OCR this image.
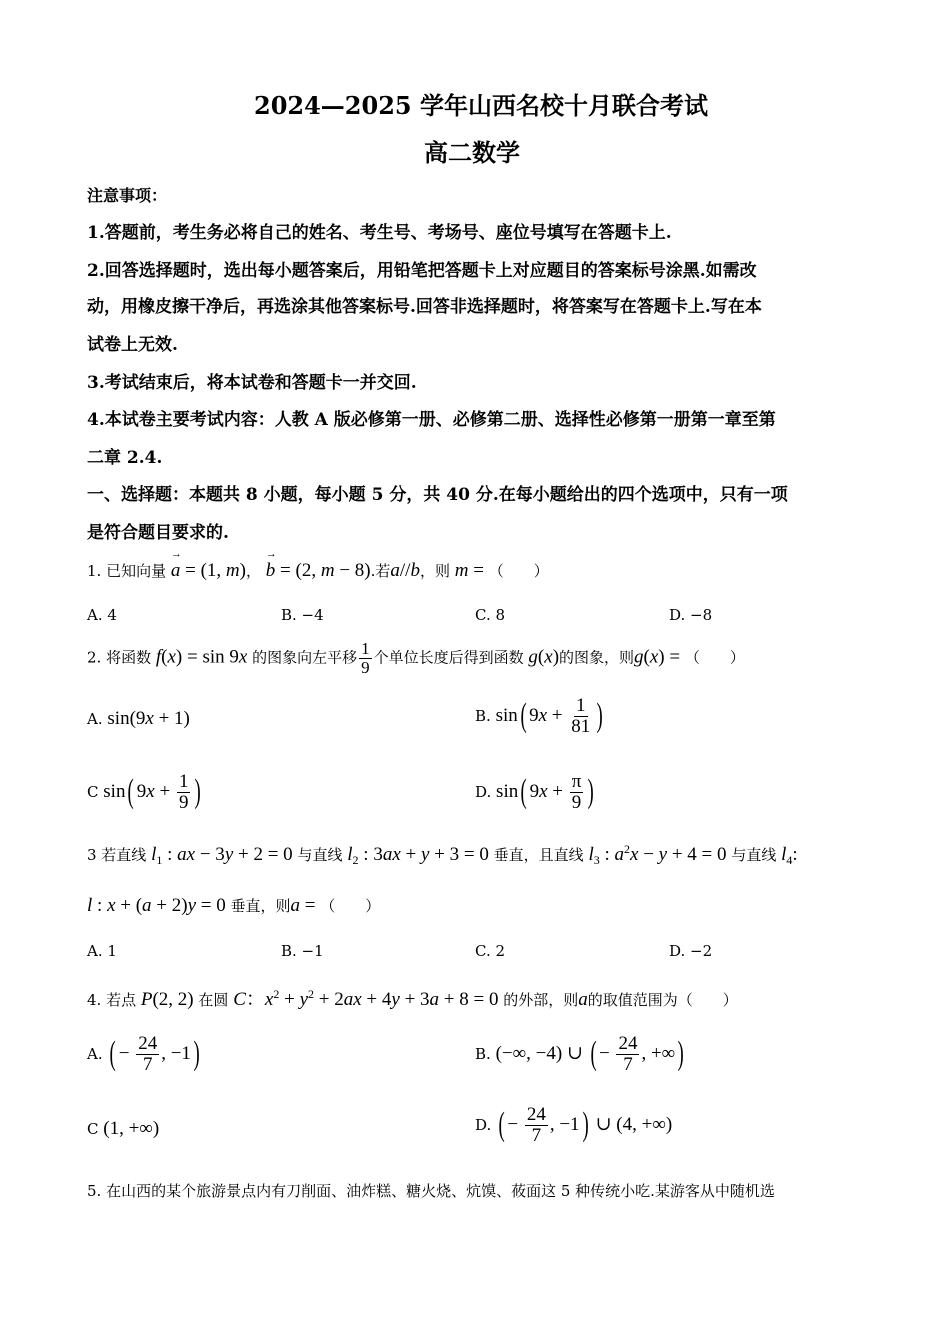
2024—2025 学年山西名校十月联合考试
高二数学
注意事项：
1.答题前，考生务必将自己的姓名、考生号、考场号、座位号填写在答题卡上.
2.回答选择题时，选出每小题答案后，用铅笔把答题卡上对应题目的答案标号涂黑.如需改
动，用橡皮擦干净后，再选涂其他答案标号.回答非选择题时，将答案写在答题卡上.写在本
试卷上无效.
3.考试结束后，将本试卷和答题卡一并交回.
4.本试卷主要考试内容：人教 A 版必修第一册、必修第二册、选择性必修第一册第一章至第
二章 2.4.
一、选择题：本题共 8 小题，每小题 5 分，共 40 分.在每小题给出的四个选项中，只有一项
是符合题目要求的.
1. 已知向量 → a = (1, m)， → b = (2, m − 8).若a//b，则 m = （　　）
A. 4	B. −4	C. 8	D. −8
2. 将函数 f(x) = sin 9x 的图象向左平移 $\frac{1}{9}$ 个单位长度后得到函数 g(x)的图象，则g(x) = （　　）
A. sin(9x + 1)	B. sin( $9x + \frac{1}{81}$ )
C sin( $9x + \frac{1}{9}$ )	D. sin( $9x + \frac{\pi}{9}$ )
3 若直线 $l_1$ : ax − 3y + 2 = 0 与直线 $l_2$ : 3ax + y + 3 = 0 垂直，且直线 $l_3$ : $a^2x - y + 4 = 0$ 与直线 $l_4$:
l : x + (a + 2)y = 0 垂直，则a = （　　）
A. 1	B. −1	C. 2	D. −2
4. 若点 P(2, 2) 在圆 C：$x^2 + y^2 + 2ax + 4y + 3a + 8 = 0$ 的外部，则a的取值范围为（　　）
A. ( − $\frac{24}{7}$ , −1)	B. (−∞, −4) ∪ ( − $\frac{24}{7}$ , +∞)
C (1, +∞)	D. ( − $\frac{24}{7}$ , −1) ∪ (4, +∞)
5. 在山西的某个旅游景点内有刀削面、油炸糕、糖火烧、炕馍、莜面这 5 种传统小吃.某游客从中随机选
